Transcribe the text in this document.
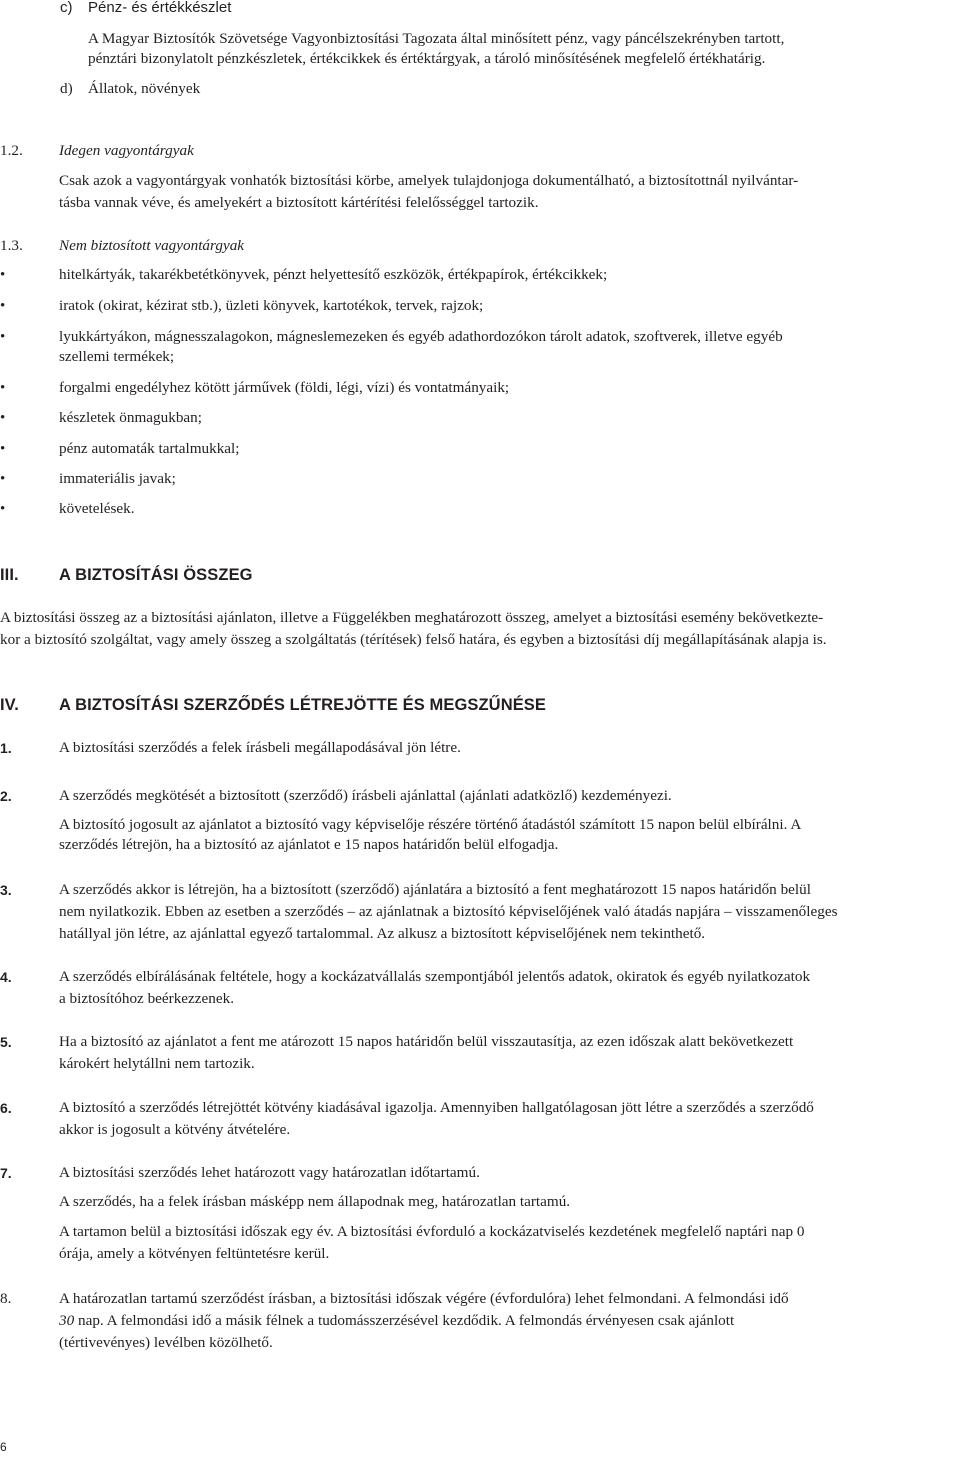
c) Pénz- és értékkészlet
A Magyar Biztosítók Szövetsége Vagyonbiztosítási Tagozata által minősített pénz, vagy páncélszekrényben tartott,
pénztári bizonylatolt pénzkészletek, értékcikkek és értéktárgyak, a tároló minősítésének megfelelő értékhatárig.
d) Állatok, növények
1.2. Idegen vagyontárgyak
Csak azok a vagyontárgyak vonhatók biztosítási körbe, amelyek tulajdonjoga dokumentálható, a biztosítottnál nyilvántar-
tásba vannak véve, és amelyekért a biztosított kártérítési felelősséggel tartozik.
1.3. Nem biztosított vagyontárgyak
•	hitelkártyák, takarékbetétkönyvek, pénzt helyettesítő eszközök, értékpapírok, értékcikkek;
•	iratok (okirat, kézirat stb.), üzleti könyvek, kartotékok, tervek, rajzok;
•	lyukkártyákon, mágnesszalagokon, mágneslemezeken és egyéb adathordozókon tárolt adatok, szoftverek, illetve egyéb
szellemi termékek;
•	forgalmi engedélyhez kötött járművek (földi, légi, vízi) és vontatmányaik;
•	készletek önmagukban;
•	pénz automaták tartalmukkal;
•	immateriális javak;
•	követelések.
III. A BIZTOSÍTÁSI ÖSSZEG
A biztosítási összeg az a biztosítási ajánlaton, illetve a Függelékben meghatározott összeg, amelyet a biztosítási esemény bekövetkezte-
kor a biztosító szolgáltat, vagy amely összeg a szolgáltatás (térítések) felső határa, és egyben a biztosítási díj megállapításának alapja is.
IV. A BIZTOSÍTÁSI SZERZŐDÉS LÉTREJÖTTE ÉS MEGSZŰNÉSE
1.	A biztosítási szerződés a felek írásbeli megállapodásával jön létre.
2.	A szerződés megkötését a biztosított (szerződő) írásbeli ajánlattal (ajánlati adatközlő) kezdeményezi.
A biztosító jogosult az ajánlatot a biztosító vagy képviselője részére történő átadástól számított 15 napon belül elbírálni. A
szerződés létrejön, ha a biztosító az ajánlatot e 15 napos határidőn belül elfogadja.
3.	A szerződés akkor is létrejön, ha a biztosított (szerződő) ajánlatára a biztosító a fent meghatározott 15 napos határidőn belül
nem nyilatkozik. Ebben az esetben a szerződés – az ajánlatnak a biztosító képviselőjének való átadás napjára – visszamenőleges
hatállyal jön létre, az ajánlattal egyező tartalommal. Az alkusz a biztosított képviselőjének nem tekinthető.
4.	A szerződés elbírálásának feltétele, hogy a kockázatvállalás szempontjából jelentős adatok, okiratok és egyéb nyilatkozatok
a biztosítóhoz beérkezzenek.
5.	Ha a biztosító az ajánlatot a fent me atározott 15 napos határidőn belül visszautasítja, az ezen időszak alatt bekövetkezett
károkért helytállni nem tartozik.
6.	A biztosító a szerződés létrejöttét kötvény kiadásával igazolja. Amennyiben hallgatólagosan jött létre a szerződés a szerződő
akkor is jogosult a kötvény átvételére.
7.	A biztosítási szerződés lehet határozott vagy határozatlan időtartamú.
A szerződés, ha a felek írásban másképp nem állapodnak meg, határozatlan tartamú.
A tartamon belül a biztosítási időszak egy év. A biztosítási évforduló a kockázatviselés kezdetének megfelelő naptári nap 0
órája, amely a kötvényen feltüntetésre kerül.
8.	A határozatlan tartamú szerződést írásban, a biztosítási időszak végére (évfordulóra) lehet felmondani. A felmondási idő
30 nap. A felmondási idő a másik félnek a tudomásszerzésével kezdődik. A felmondás érvényesen csak ajánlott
(tértivevényes) levélben közölhető.
6
